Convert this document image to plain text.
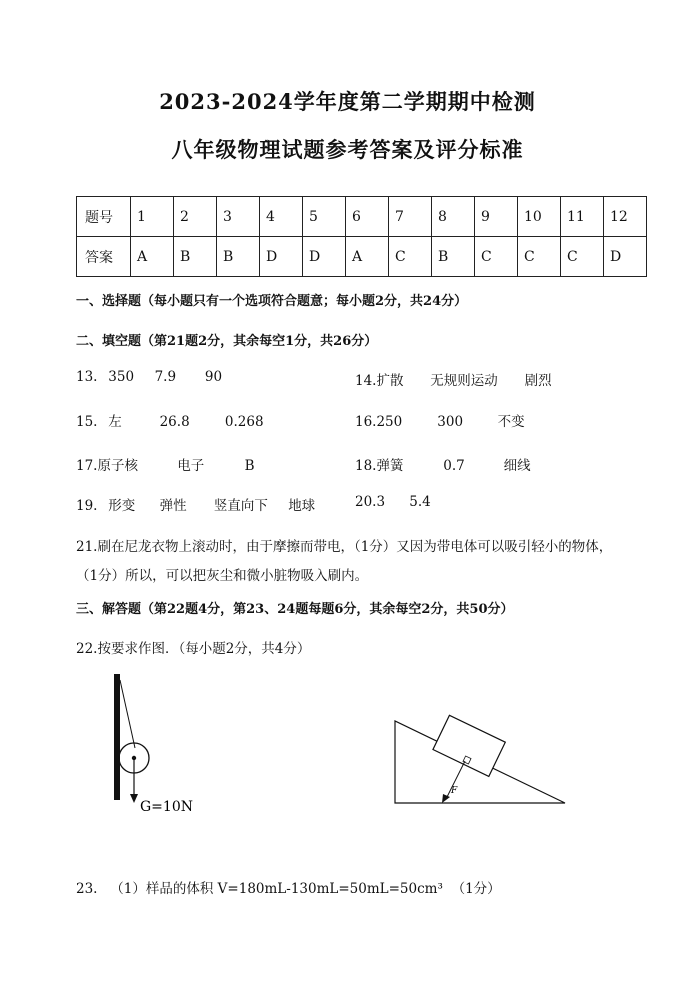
2023-2024学年度第二学期期中检测
八年级物理试题参考答案及评分标准
题号	1	2	3	4	5	6	7	8	9	10	11	12
答案	A	B	B	D	D	A	C	B	C	C	C	D
一、选择题（每小题只有一个选项符合题意；每小题2分，共24分）
二、填空题（第21题2分，其余每空1分，共26分）
13. 350 7.9 90	14.扩散 无规则运动 剧烈
15. 左	26.8	0.268	16.250	300	不变
17.原子核	电子	B	18.弹簧	0.7	细线
19. 形变 弹性 竖直向下 地球	20.3 5.4
21.刷在尼龙衣物上滚动时，由于摩擦而带电，（1分）又因为带电体可以吸引轻小的物体，
（1分）所以，可以把灰尘和微小脏物吸入刷内。
三、解答题（第22题4分，第23、24题每题6分，其余每空2分，共50分）
22.按要求作图．（每小题2分，共4分）
G=10N
F
23. （1）样品的体积 V=180mL-130mL=50mL=50cm³ （1分）
